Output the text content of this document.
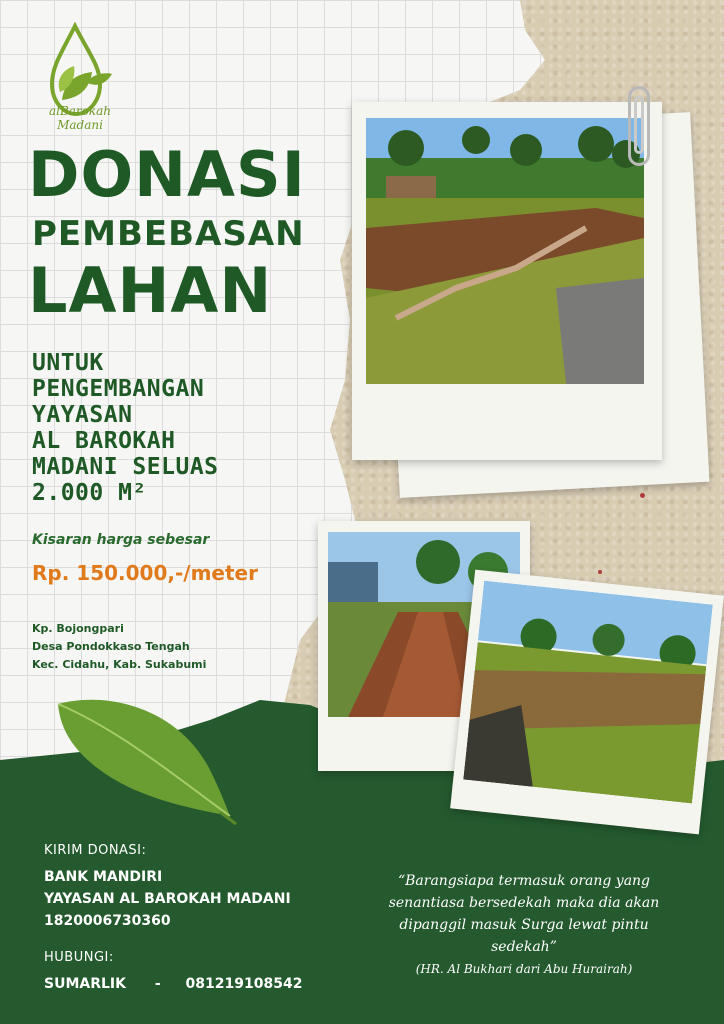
alBarokah Madani
DONASI
PEMBEBASAN
LAHAN
UNTUK
PENGEMBANGAN
YAYASAN
AL BAROKAH
MADANI SELUAS
2.000 M²
Kisaran harga sebesar
Rp. 150.000,-/meter
Kp. Bojongpari
Desa Pondokkaso Tengah
Kec. Cidahu, Kab. Sukabumi
KIRIM DONASI:
BANK MANDIRI
YAYASAN AL BAROKAH MADANI
1820006730360
HUBUNGI:
SUMARLIK - 081219108542
“Barangsiapa termasuk orang yang senantiasa bersedekah maka dia akan dipanggil masuk Surga lewat pintu sedekah”
(HR. Al Bukhari dari Abu Hurairah)
